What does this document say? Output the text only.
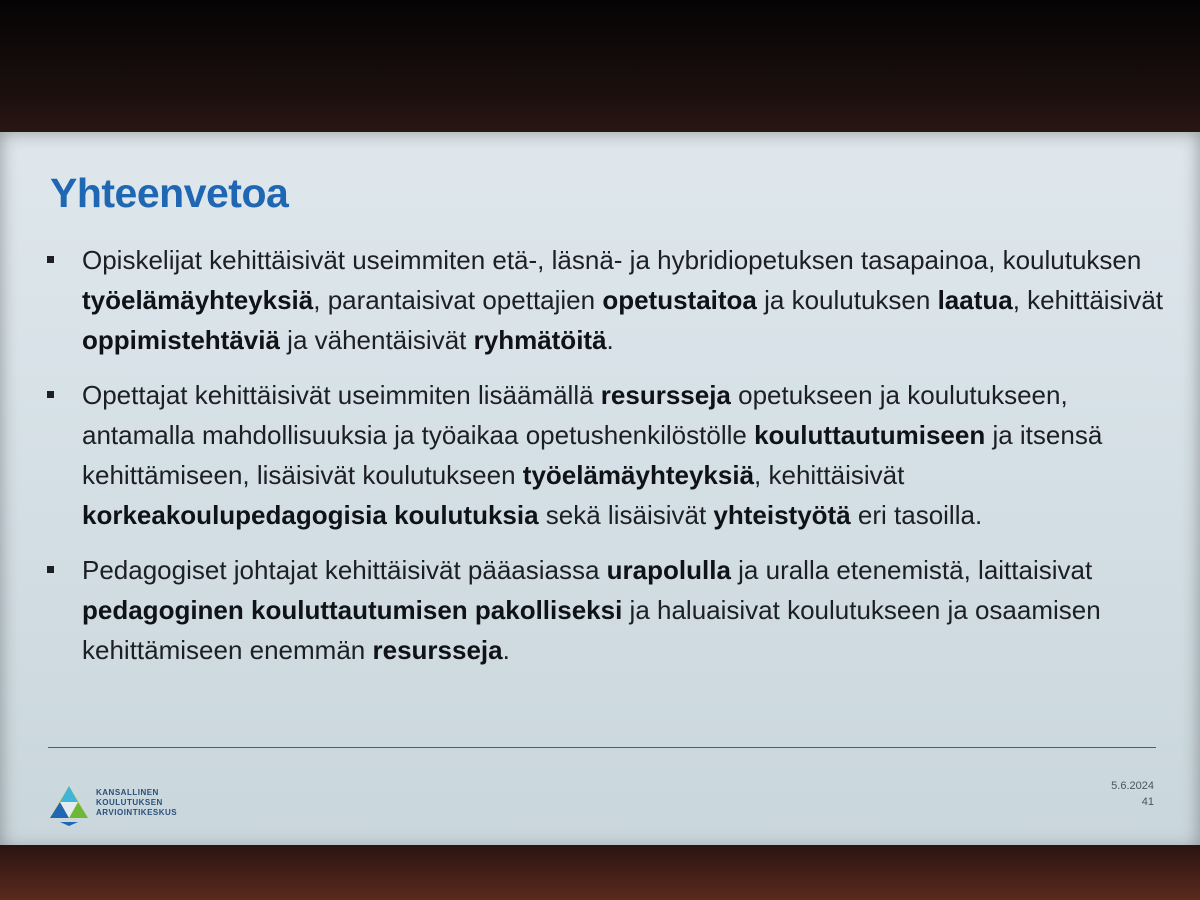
Yhteenvetoa
Opiskelijat kehittäisivät useimmiten etä-, läsnä- ja hybridiopetuksen tasapainoa, koulutuksen työelämäyhteyksiä, parantaisivat opettajien opetustaitoa ja koulutuksen laatua, kehittäisivät oppimistehtäviä ja vähentäisivät ryhmätöitä.
Opettajat kehittäisivät useimmiten lisäämällä resursseja opetukseen ja koulutukseen, antamalla mahdollisuuksia ja työaikaa opetushenkilöstölle kouluttautumiseen ja itsensä kehittämiseen, lisäisivät koulutukseen työelämäyhteyksiä, kehittäisivät korkeakoulupedagogisia koulutuksia sekä lisäisivät yhteistyötä eri tasoilla.
Pedagogiset johtajat kehittäisivät pääasiassa urapolulla ja uralla etenemistä, laittaisivat pedagoginen kouluttautumisen pakolliseksi ja haluaisivat koulutukseen ja osaamisen kehittämiseen enemmän resursseja.
KANSALLINEN
KOULUTUKSEN
ARVIOINTIKESKUS
5.6.2024
41
